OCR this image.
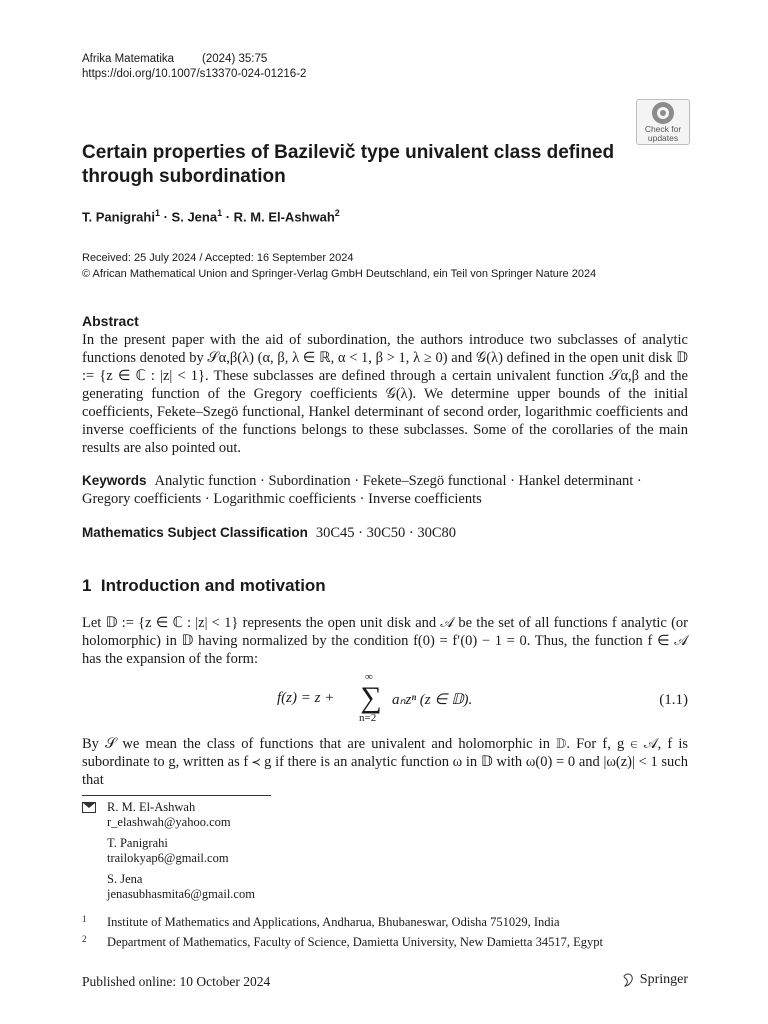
Afrika Matematika (2024) 35:75
https://doi.org/10.1007/s13370-024-01216-2
Check for
updates
Certain properties of Bazilevič type univalent class defined through subordination
T. Panigrahi$^1$ · S. Jena$^1$ · R. M. El-Ashwah$^2$
Received: 25 July 2024 / Accepted: 16 September 2024
© African Mathematical Union and Springer-Verlag GmbH Deutschland, ein Teil von Springer Nature 2024
Abstract
In the present paper with the aid of subordination, the authors introduce two subclasses of analytic functions denoted by 𝒮α,β(λ) (α, β, λ ∈ ℝ, α < 1, β > 1, λ ≥ 0) and 𝒢(λ) defined in the open unit disk 𝔻 := {z ∈ ℂ : |z| < 1}. These subclasses are defined through a certain univalent function 𝒮α,β and the generating function of the Gregory coefficients 𝒢(λ). We determine upper bounds of the initial coefficients, Fekete–Szegö functional, Hankel determinant of second order, logarithmic coefficients and inverse coefficients of the functions belongs to these subclasses. Some of the corollaries of the main results are also pointed out.
Keywords Analytic function · Subordination · Fekete–Szegö functional · Hankel determinant · Gregory coefficients · Logarithmic coefficients · Inverse coefficients
Mathematics Subject Classification 30C45 · 30C50 · 30C80
1 Introduction and motivation
Let 𝔻 := {z ∈ ℂ : |z| < 1} represents the open unit disk and 𝒜 be the set of all functions f analytic (or holomorphic) in 𝔻 having normalized by the condition f(0) = f′(0) − 1 = 0. Thus, the function f ∈ 𝒜 has the expansion of the form:
f(z) = z +
∞
∑
n=2
aₙzⁿ (z ∈ 𝔻).	(1.1)
By 𝒮 we mean the class of functions that are univalent and holomorphic in 𝔻. For f, g ∈ 𝒜, f is subordinate to g, written as f ≺ g if there is an analytic function ω in 𝔻 with ω(0) = 0 and |ω(z)| < 1 such that
R. M. El-Ashwah
r_elashwah@yahoo.com
T. Panigrahi
trailokyap6@gmail.com
S. Jena
jenasubhasmita6@gmail.com
1 Institute of Mathematics and Applications, Andharua, Bhubaneswar, Odisha 751029, India
2 Department of Mathematics, Faculty of Science, Damietta University, New Damietta 34517, Egypt
Published online: 10 October 2024	Springer
